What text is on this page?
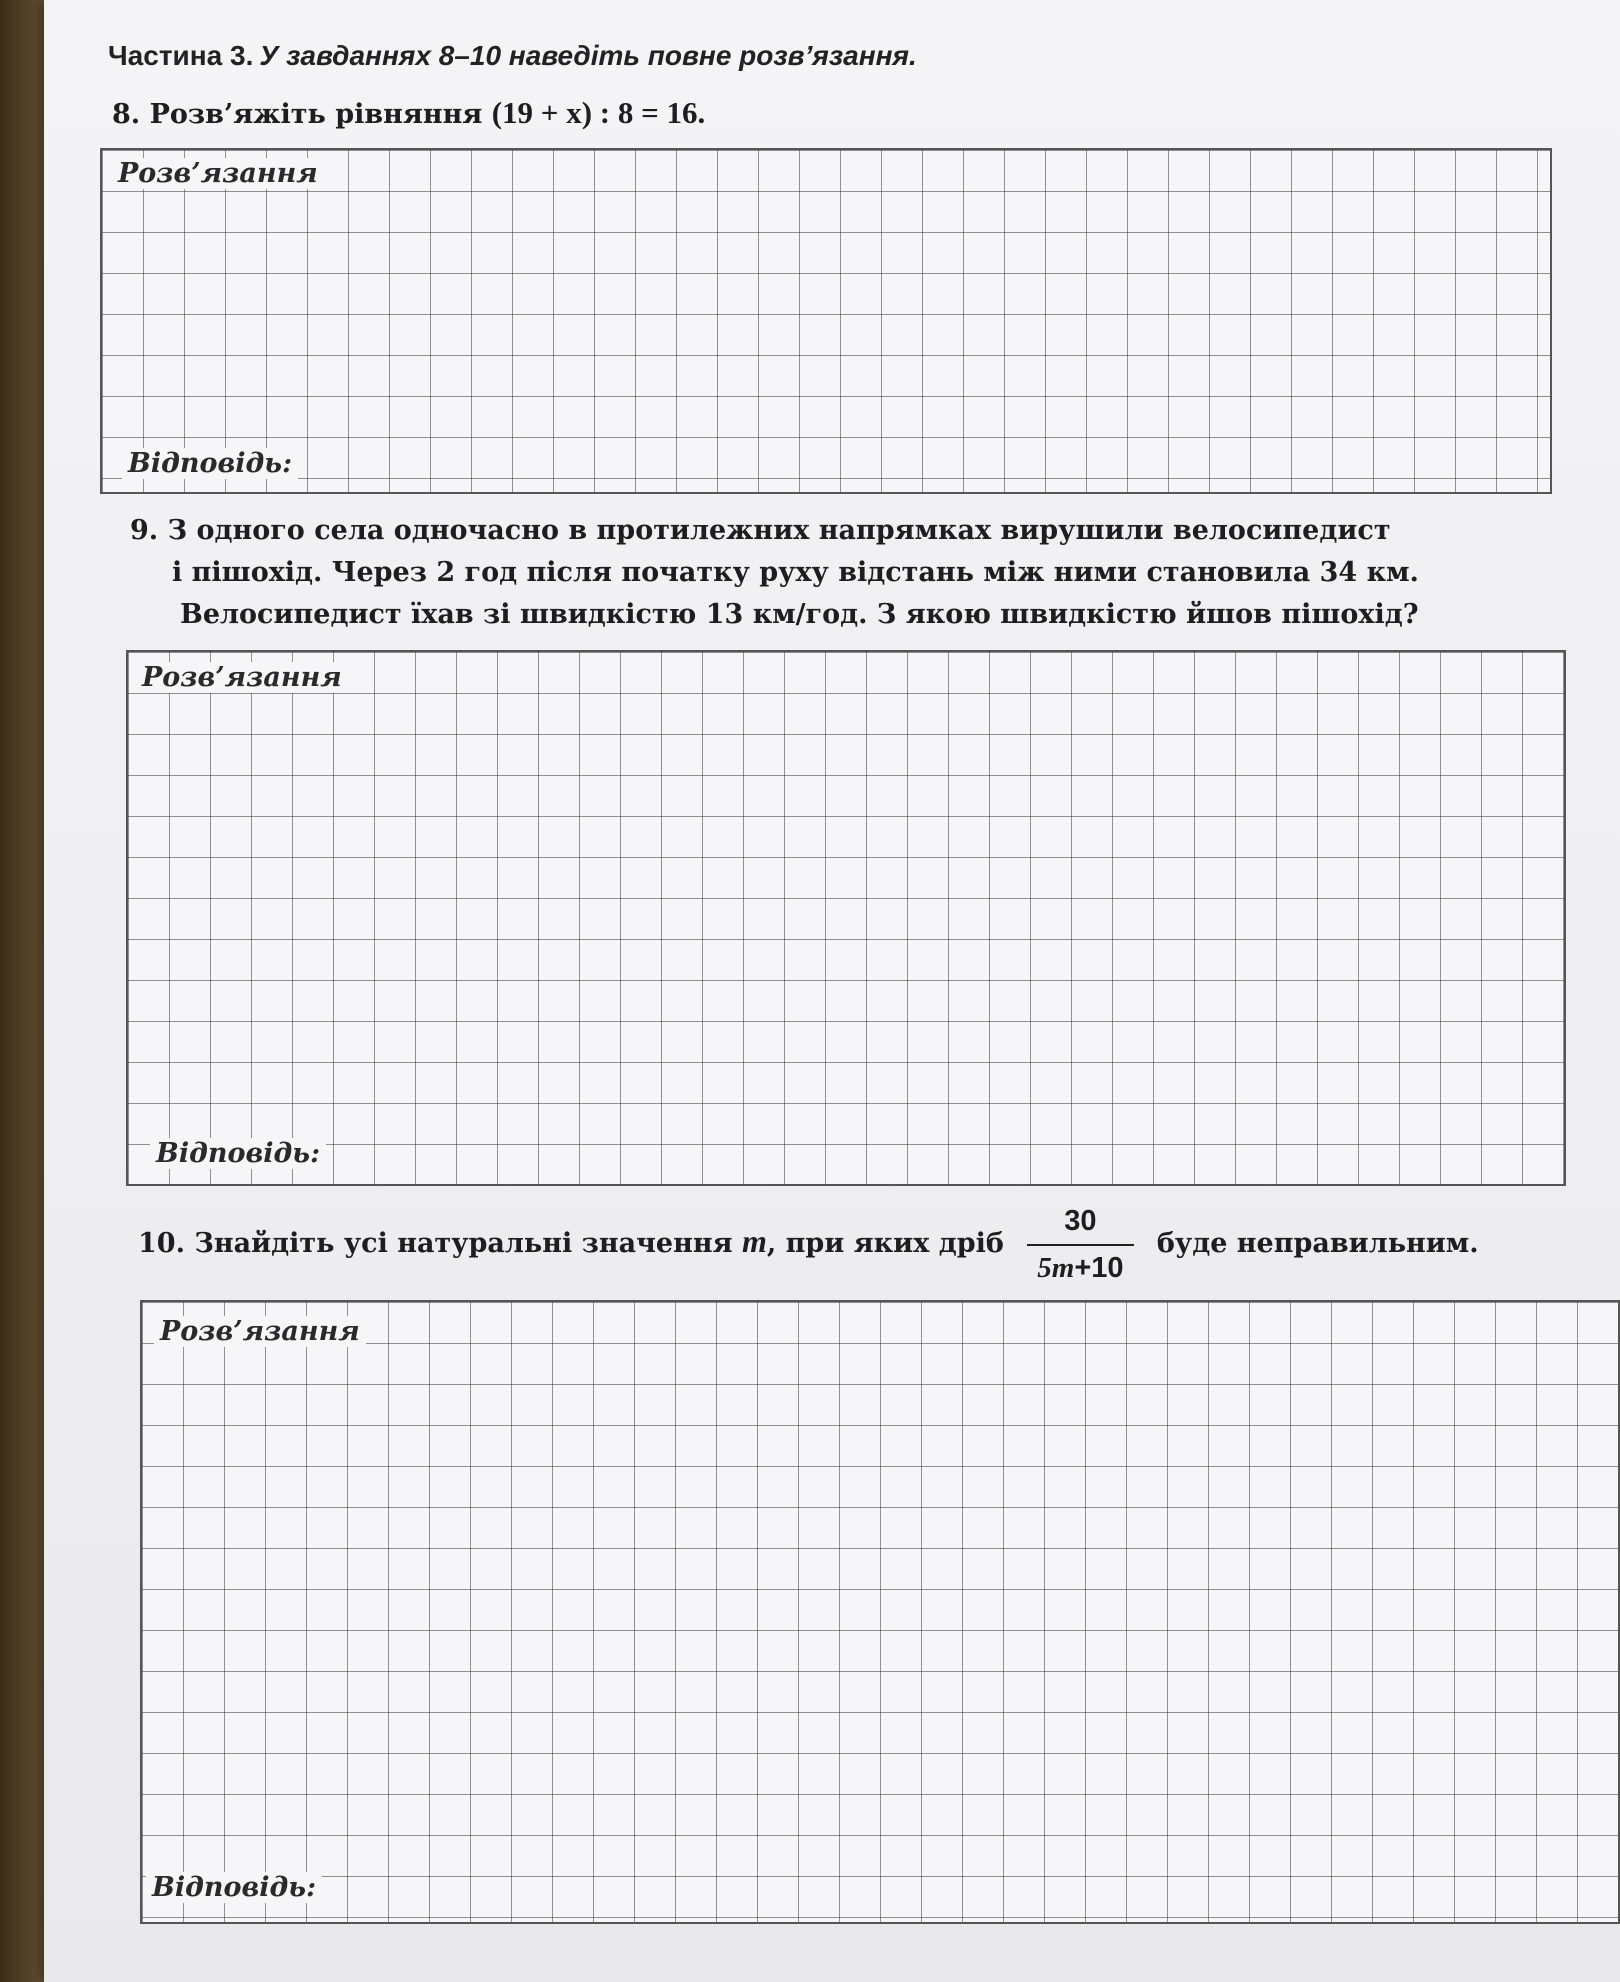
Частина 3. У завданнях 8–10 наведіть повне розв’язання.
8. Розв’яжіть рівняння (19 + x) : 8 = 16.
Розв’язання
Відповідь:
9. З одного села одночасно в протилежних напрямках вирушили велосипедист
і пішохід. Через 2 год після початку руху відстань між ними становила 34 км.
Велосипедист їхав зі швидкістю 13 км/год. З якою швидкістю йшов пішохід?
Розв’язання
Відповідь:
10. Знайдіть усі натуральні значення m, при яких дріб $\frac{30}{5m+10}$ буде неправильним.
Розв’язання
Відповідь:
